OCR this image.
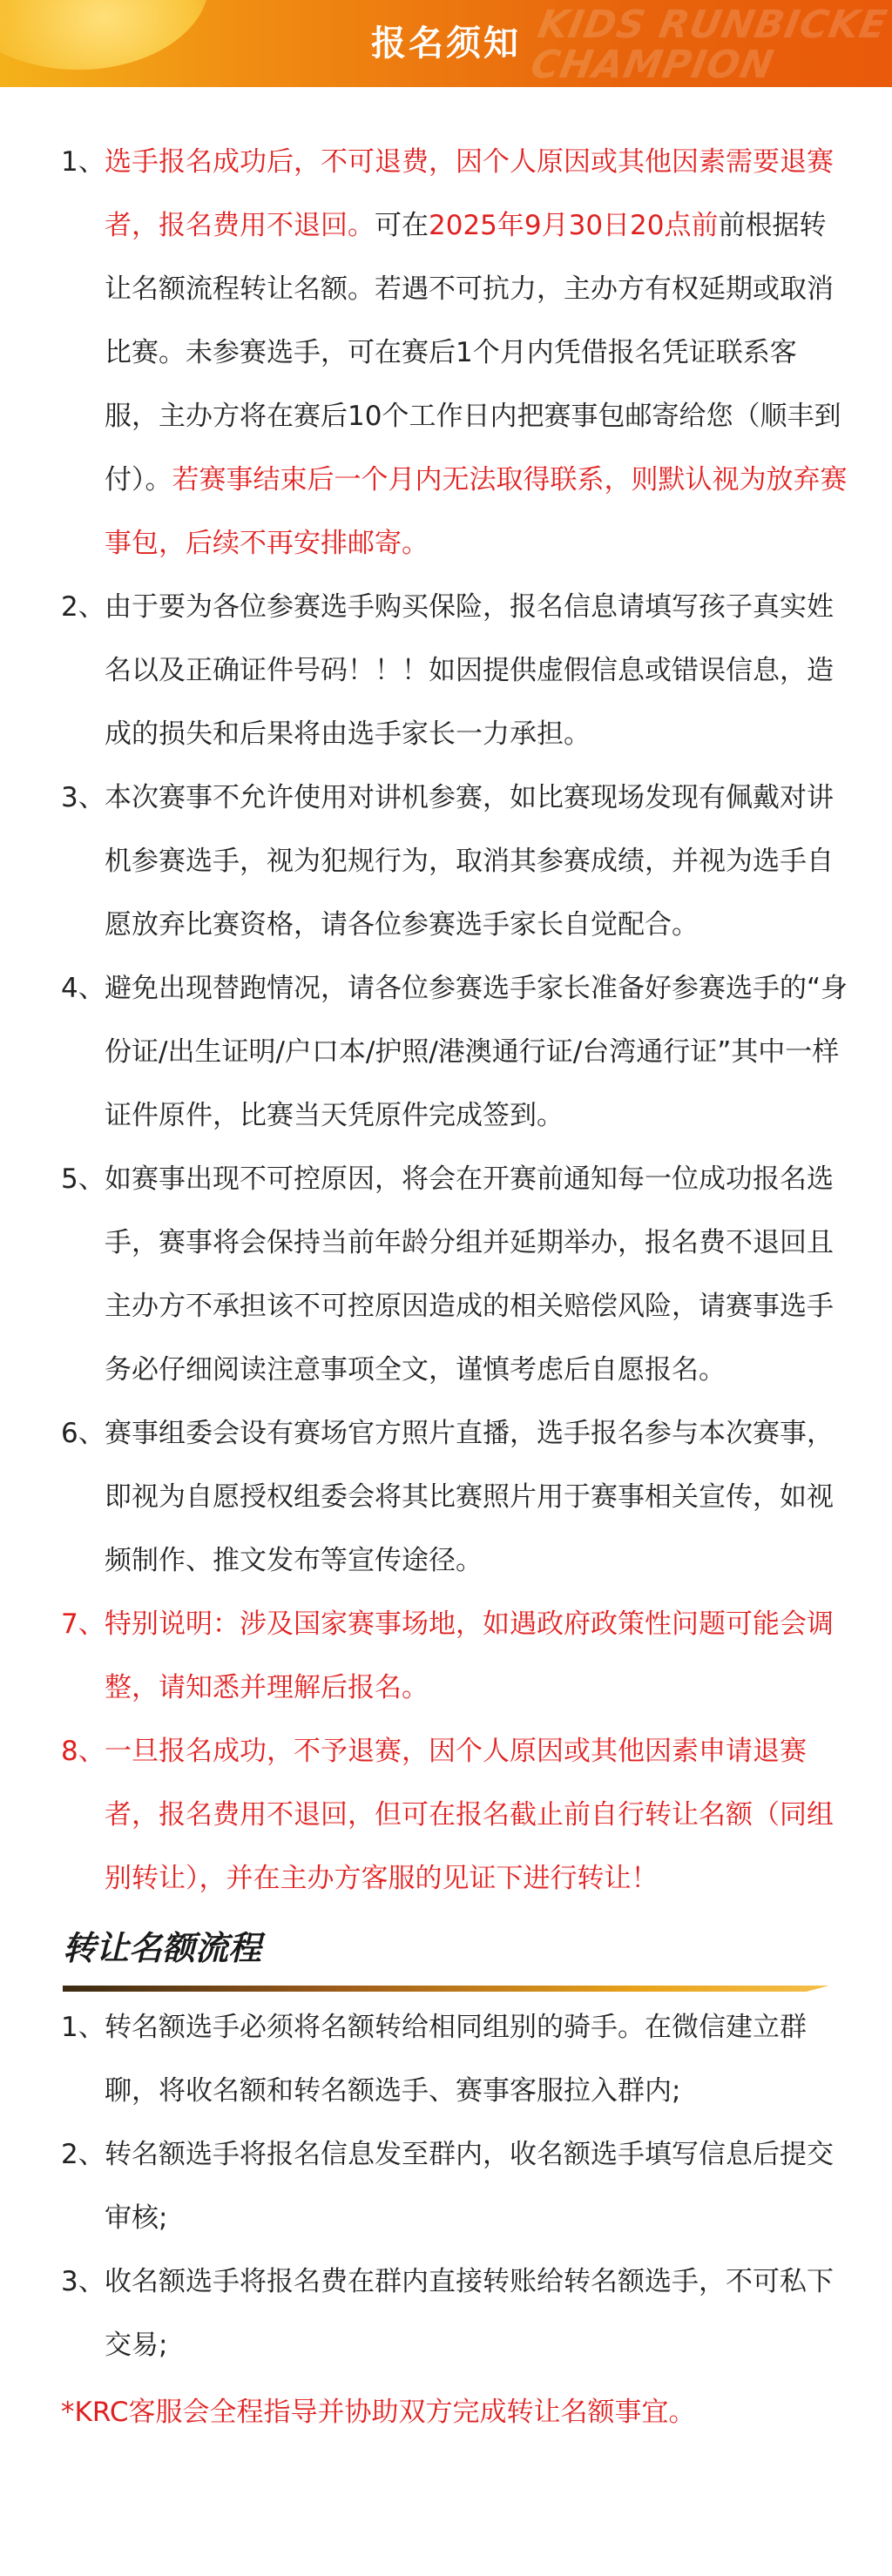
KIDS RUNBICKE
CHAMPION
报名须知
1、 选手报名成功后，不可退费，因个人原因或其他因素需要退赛者，报名费用不退回。可在2025年9月30日20点前前根据转让名额流程转让名额。若遇不可抗力，主办方有权延期或取消比赛。未参赛选手，可在赛后1个月内凭借报名凭证联系客服，主办方将在赛后10个工作日内把赛事包邮寄给您（顺丰到付）。若赛事结束后一个月内无法取得联系，则默认视为放弃赛事包，后续不再安排邮寄。
2、 由于要为各位参赛选手购买保险，报名信息请填写孩子真实姓名以及正确证件号码！！！如因提供虚假信息或错误信息，造成的损失和后果将由选手家长一力承担。
3、 本次赛事不允许使用对讲机参赛，如比赛现场发现有佩戴对讲机参赛选手，视为犯规行为，取消其参赛成绩，并视为选手自愿放弃比赛资格，请各位参赛选手家长自觉配合。
4、 避免出现替跑情况，请各位参赛选手家长准备好参赛选手的“身份证/出生证明/户口本/护照/港澳通行证/台湾通行证”其中一样证件原件，比赛当天凭原件完成签到。
5、 如赛事出现不可控原因，将会在开赛前通知每一位成功报名选手，赛事将会保持当前年龄分组并延期举办，报名费不退回且主办方不承担该不可控原因造成的相关赔偿风险，请赛事选手务必仔细阅读注意事项全文，谨慎考虑后自愿报名。
6、 赛事组委会设有赛场官方照片直播，选手报名参与本次赛事，即视为自愿授权组委会将其比赛照片用于赛事相关宣传，如视频制作、推文发布等宣传途径。
7、 特别说明：涉及国家赛事场地，如遇政府政策性问题可能会调整，请知悉并理解后报名。
8、 一旦报名成功，不予退赛，因个人原因或其他因素申请退赛者，报名费用不退回，但可在报名截止前自行转让名额（同组别转让），并在主办方客服的见证下进行转让！
转让名额流程
1、 转名额选手必须将名额转给相同组别的骑手。在微信建立群聊，将收名额和转名额选手、赛事客服拉入群内;
2、 转名额选手将报名信息发至群内，收名额选手填写信息后提交审核;
3、 收名额选手将报名费在群内直接转账给转名额选手，不可私下交易;
*KRC客服会全程指导并协助双方完成转让名额事宜。
